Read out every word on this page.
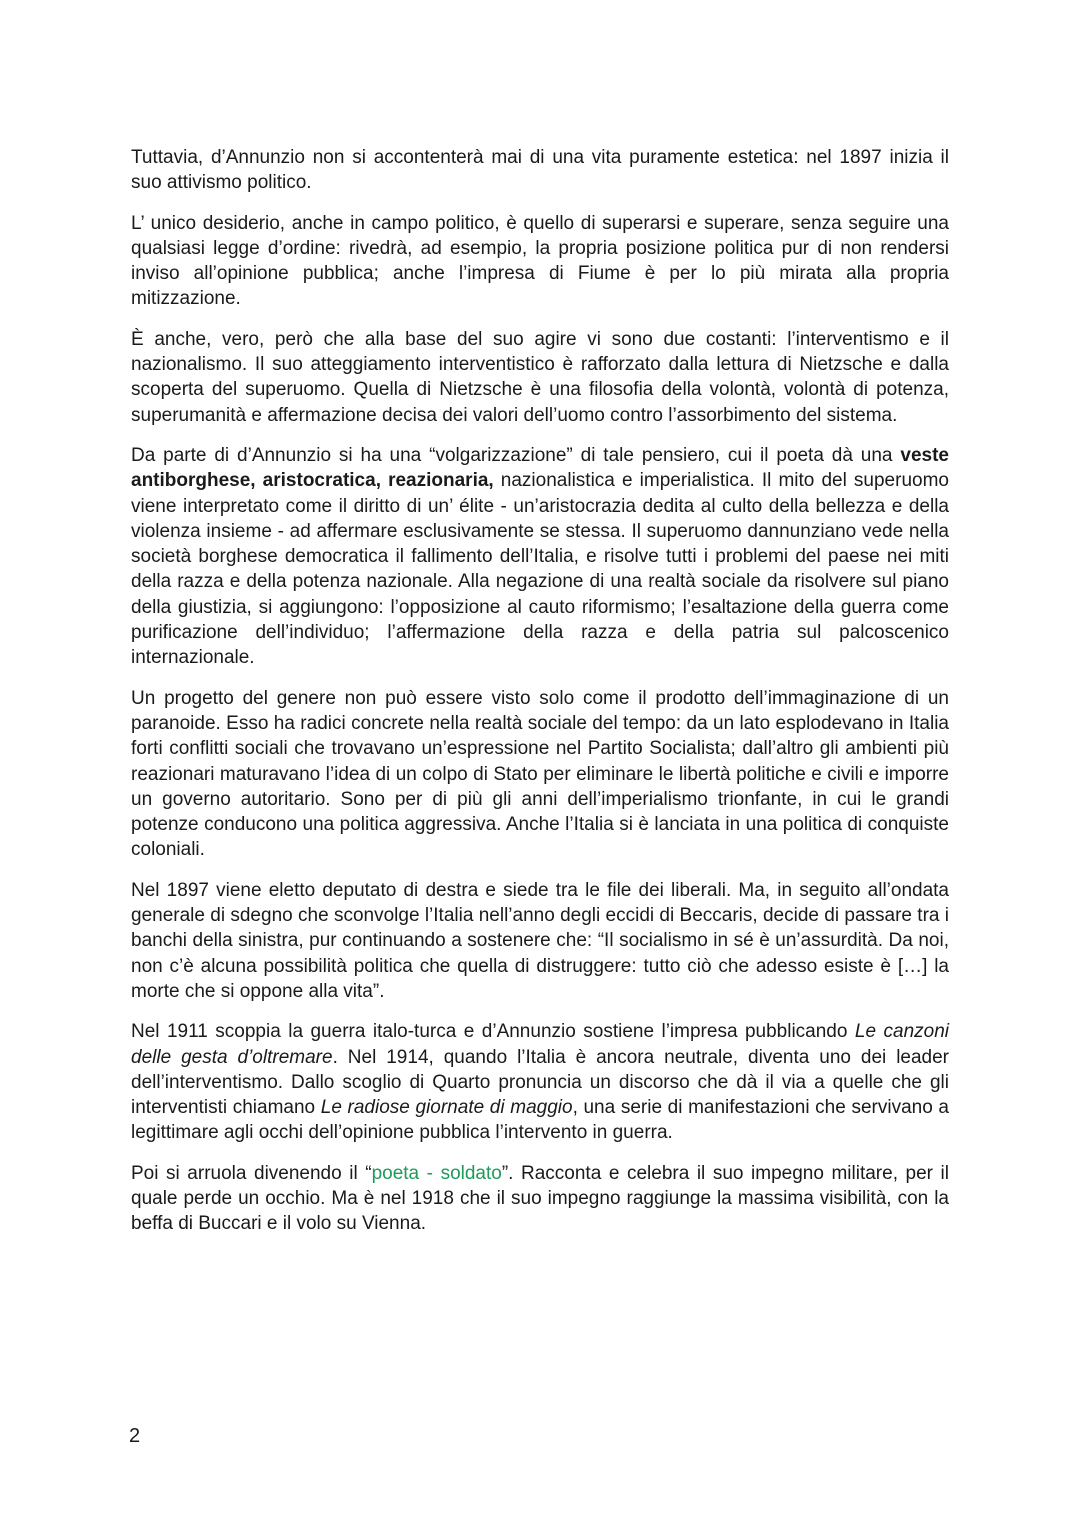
Tuttavia, d’Annunzio non si accontenterà mai di una vita puramente estetica: nel 1897 inizia il suo attivismo politico.

L’ unico desiderio, anche in campo politico, è quello di superarsi e superare, senza seguire una qualsiasi legge d’ordine: rivedrà, ad esempio, la propria posizione politica pur di non rendersi inviso all’opinione pubblica; anche l’impresa di Fiume è per lo più mirata alla propria mitizzazione.

È anche, vero, però che alla base del suo agire vi sono due costanti: l’interventismo e il nazionalismo. Il suo atteggiamento interventistico è rafforzato dalla lettura di Nietzsche e dalla scoperta del superuomo. Quella di Nietzsche è una filosofia della volontà, volontà di potenza, superumanità e affermazione decisa dei valori dell’uomo contro l’assorbimento del sistema.

Da parte di d’Annunzio si ha una “volgarizzazione” di tale pensiero, cui il poeta dà una veste antiborghese, aristocratica, reazionaria, nazionalistica e imperialistica. Il mito del superuomo viene interpretato come il diritto di un’ élite - un’aristocrazia dedita al culto della bellezza e della violenza insieme - ad affermare esclusivamente se stessa. Il superuomo dannunziano vede nella società borghese democratica il fallimento dell’Italia, e risolve tutti i problemi del paese nei miti della razza e della potenza nazionale. Alla negazione di una realtà sociale da risolvere sul piano della giustizia, si aggiungono: l’opposizione al cauto riformismo; l’esaltazione della guerra come purificazione dell’individuo; l’affermazione della razza e della patria sul palcoscenico internazionale.

Un progetto del genere non può essere visto solo come il prodotto dell’immaginazione di un paranoide. Esso ha radici concrete nella realtà sociale del tempo: da un lato esplodevano in Italia forti conflitti sociali che trovavano un’espressione nel Partito Socialista; dall’altro gli ambienti più reazionari maturavano l’idea di un colpo di Stato per eliminare le libertà politiche e civili e imporre un governo autoritario. Sono per di più gli anni dell’imperialismo trionfante, in cui le grandi potenze conducono una politica aggressiva. Anche l’Italia si è lanciata in una politica di conquiste coloniali.

Nel 1897 viene eletto deputato di destra e siede tra le file dei liberali. Ma, in seguito all’ondata generale di sdegno che sconvolge l’Italia nell’anno degli eccidi di Beccaris, decide di passare tra i banchi della sinistra, pur continuando a sostenere che: “Il socialismo in sé è un’assurdità. Da noi, non c’è alcuna possibilità politica che quella di distruggere: tutto ciò che adesso esiste è […] la morte che si oppone alla vita”.

Nel 1911 scoppia la guerra italo-turca e d’Annunzio sostiene l’impresa pubblicando Le canzoni delle gesta d’oltremare. Nel 1914, quando l’Italia è ancora neutrale, diventa uno dei leader dell’interventismo. Dallo scoglio di Quarto pronuncia un discorso che dà il via a quelle che gli interventisti chiamano Le radiose giornate di maggio, una serie di manifestazioni che servivano a legittimare agli occhi dell’opinione pubblica l’intervento in guerra.

Poi si arruola divenendo il “poeta - soldato”. Racconta e celebra il suo impegno militare, per il quale perde un occhio. Ma è nel 1918 che il suo impegno raggiunge la massima visibilità, con la beffa di Buccari e il volo su Vienna.

2
